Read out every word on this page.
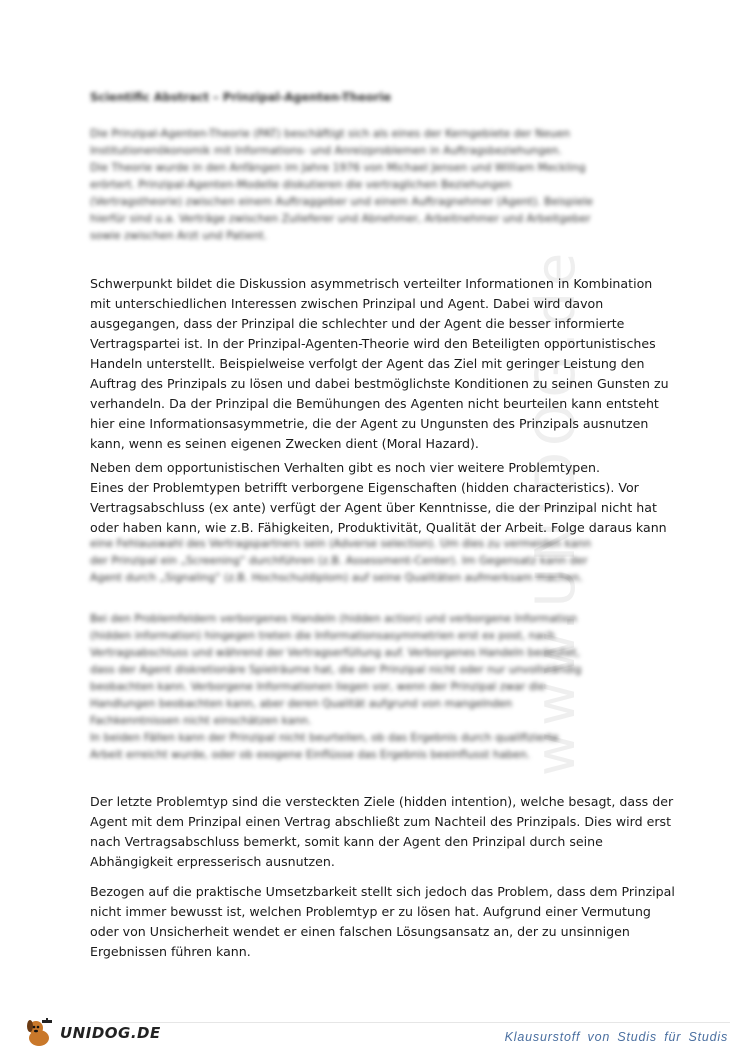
www.UNIDOG.de
Scientific Abstract – Prinzipal-Agenten-Theorie
Die Prinzipal-Agenten-Theorie (PAT) beschäftigt sich als eines der Kerngebiete der Neuen
Institutionenökonomik mit Informations- und Anreizproblemen in Auftragsbeziehungen.
Die Theorie wurde in den Anfängen im Jahre 1976 von Michael Jensen und William Meckling
erörtert. Prinzipal-Agenten-Modelle diskutieren die vertraglichen Beziehungen
(Vertragstheorie) zwischen einem Auftraggeber und einem Auftragnehmer (Agent). Beispiele
hierfür sind u.a. Verträge zwischen Zulieferer und Abnehmer, Arbeitnehmer und Arbeitgeber
sowie zwischen Arzt und Patient.
Schwerpunkt bildet die Diskussion asymmetrisch verteilter Informationen in Kombination
mit unterschiedlichen Interessen zwischen Prinzipal und Agent. Dabei wird davon
ausgegangen, dass der Prinzipal die schlechter und der Agent die besser informierte
Vertragspartei ist. In der Prinzipal-Agenten-Theorie wird den Beteiligten opportunistisches
Handeln unterstellt. Beispielweise verfolgt der Agent das Ziel mit geringer Leistung den
Auftrag des Prinzipals zu lösen und dabei bestmöglichste Konditionen zu seinen Gunsten zu
verhandeln. Da der Prinzipal die Bemühungen des Agenten nicht beurteilen kann entsteht
hier eine Informationsasymmetrie, die der Agent zu Ungunsten des Prinzipals ausnutzen
kann, wenn es seinen eigenen Zwecken dient (Moral Hazard).
Neben dem opportunistischen Verhalten gibt es noch vier weitere Problemtypen.
Eines der Problemtypen betrifft verborgene Eigenschaften (hidden characteristics). Vor
Vertragsabschluss (ex ante) verfügt der Agent über Kenntnisse, die der Prinzipal nicht hat
oder haben kann, wie z.B. Fähigkeiten, Produktivität, Qualität der Arbeit. Folge daraus kann
eine Fehlauswahl des Vertragspartners sein (Adverse selection). Um dies zu vermeiden kann
der Prinzipal ein „Screening“ durchführen (z.B. Assessment-Center). Im Gegensatz kann der
Agent durch „Signaling“ (z.B. Hochschuldiplom) auf seine Qualitäten aufmerksam machen.
Bei den Problemfeldern verborgenes Handeln (hidden action) und verborgene Information
(hidden information) hingegen treten die Informationsasymmetrien erst ex post, nach
Vertragsabschluss und während der Vertragserfüllung auf. Verborgenes Handeln bedeutet,
dass der Agent diskretionäre Spielräume hat, die der Prinzipal nicht oder nur unvollständig
beobachten kann. Verborgene Informationen liegen vor, wenn der Prinzipal zwar die
Handlungen beobachten kann, aber deren Qualität aufgrund von mangelnden
Fachkenntnissen nicht einschätzen kann.
In beiden Fällen kann der Prinzipal nicht beurteilen, ob das Ergebnis durch qualifizierte
Arbeit erreicht wurde, oder ob exogene Einflüsse das Ergebnis beeinflusst haben.
Der letzte Problemtyp sind die versteckten Ziele (hidden intention), welche besagt, dass der
Agent mit dem Prinzipal einen Vertrag abschließt zum Nachteil des Prinzipals. Dies wird erst
nach Vertragsabschluss bemerkt, somit kann der Agent den Prinzipal durch seine
Abhängigkeit erpresserisch ausnutzen.
Bezogen auf die praktische Umsetzbarkeit stellt sich jedoch das Problem, dass dem Prinzipal
nicht immer bewusst ist, welchen Problemtyp er zu lösen hat. Aufgrund einer Vermutung
oder von Unsicherheit wendet er einen falschen Lösungsansatz an, der zu unsinnigen
Ergebnissen führen kann.
UNIDOG.DE	Klausurstoff von Studis für Studis
